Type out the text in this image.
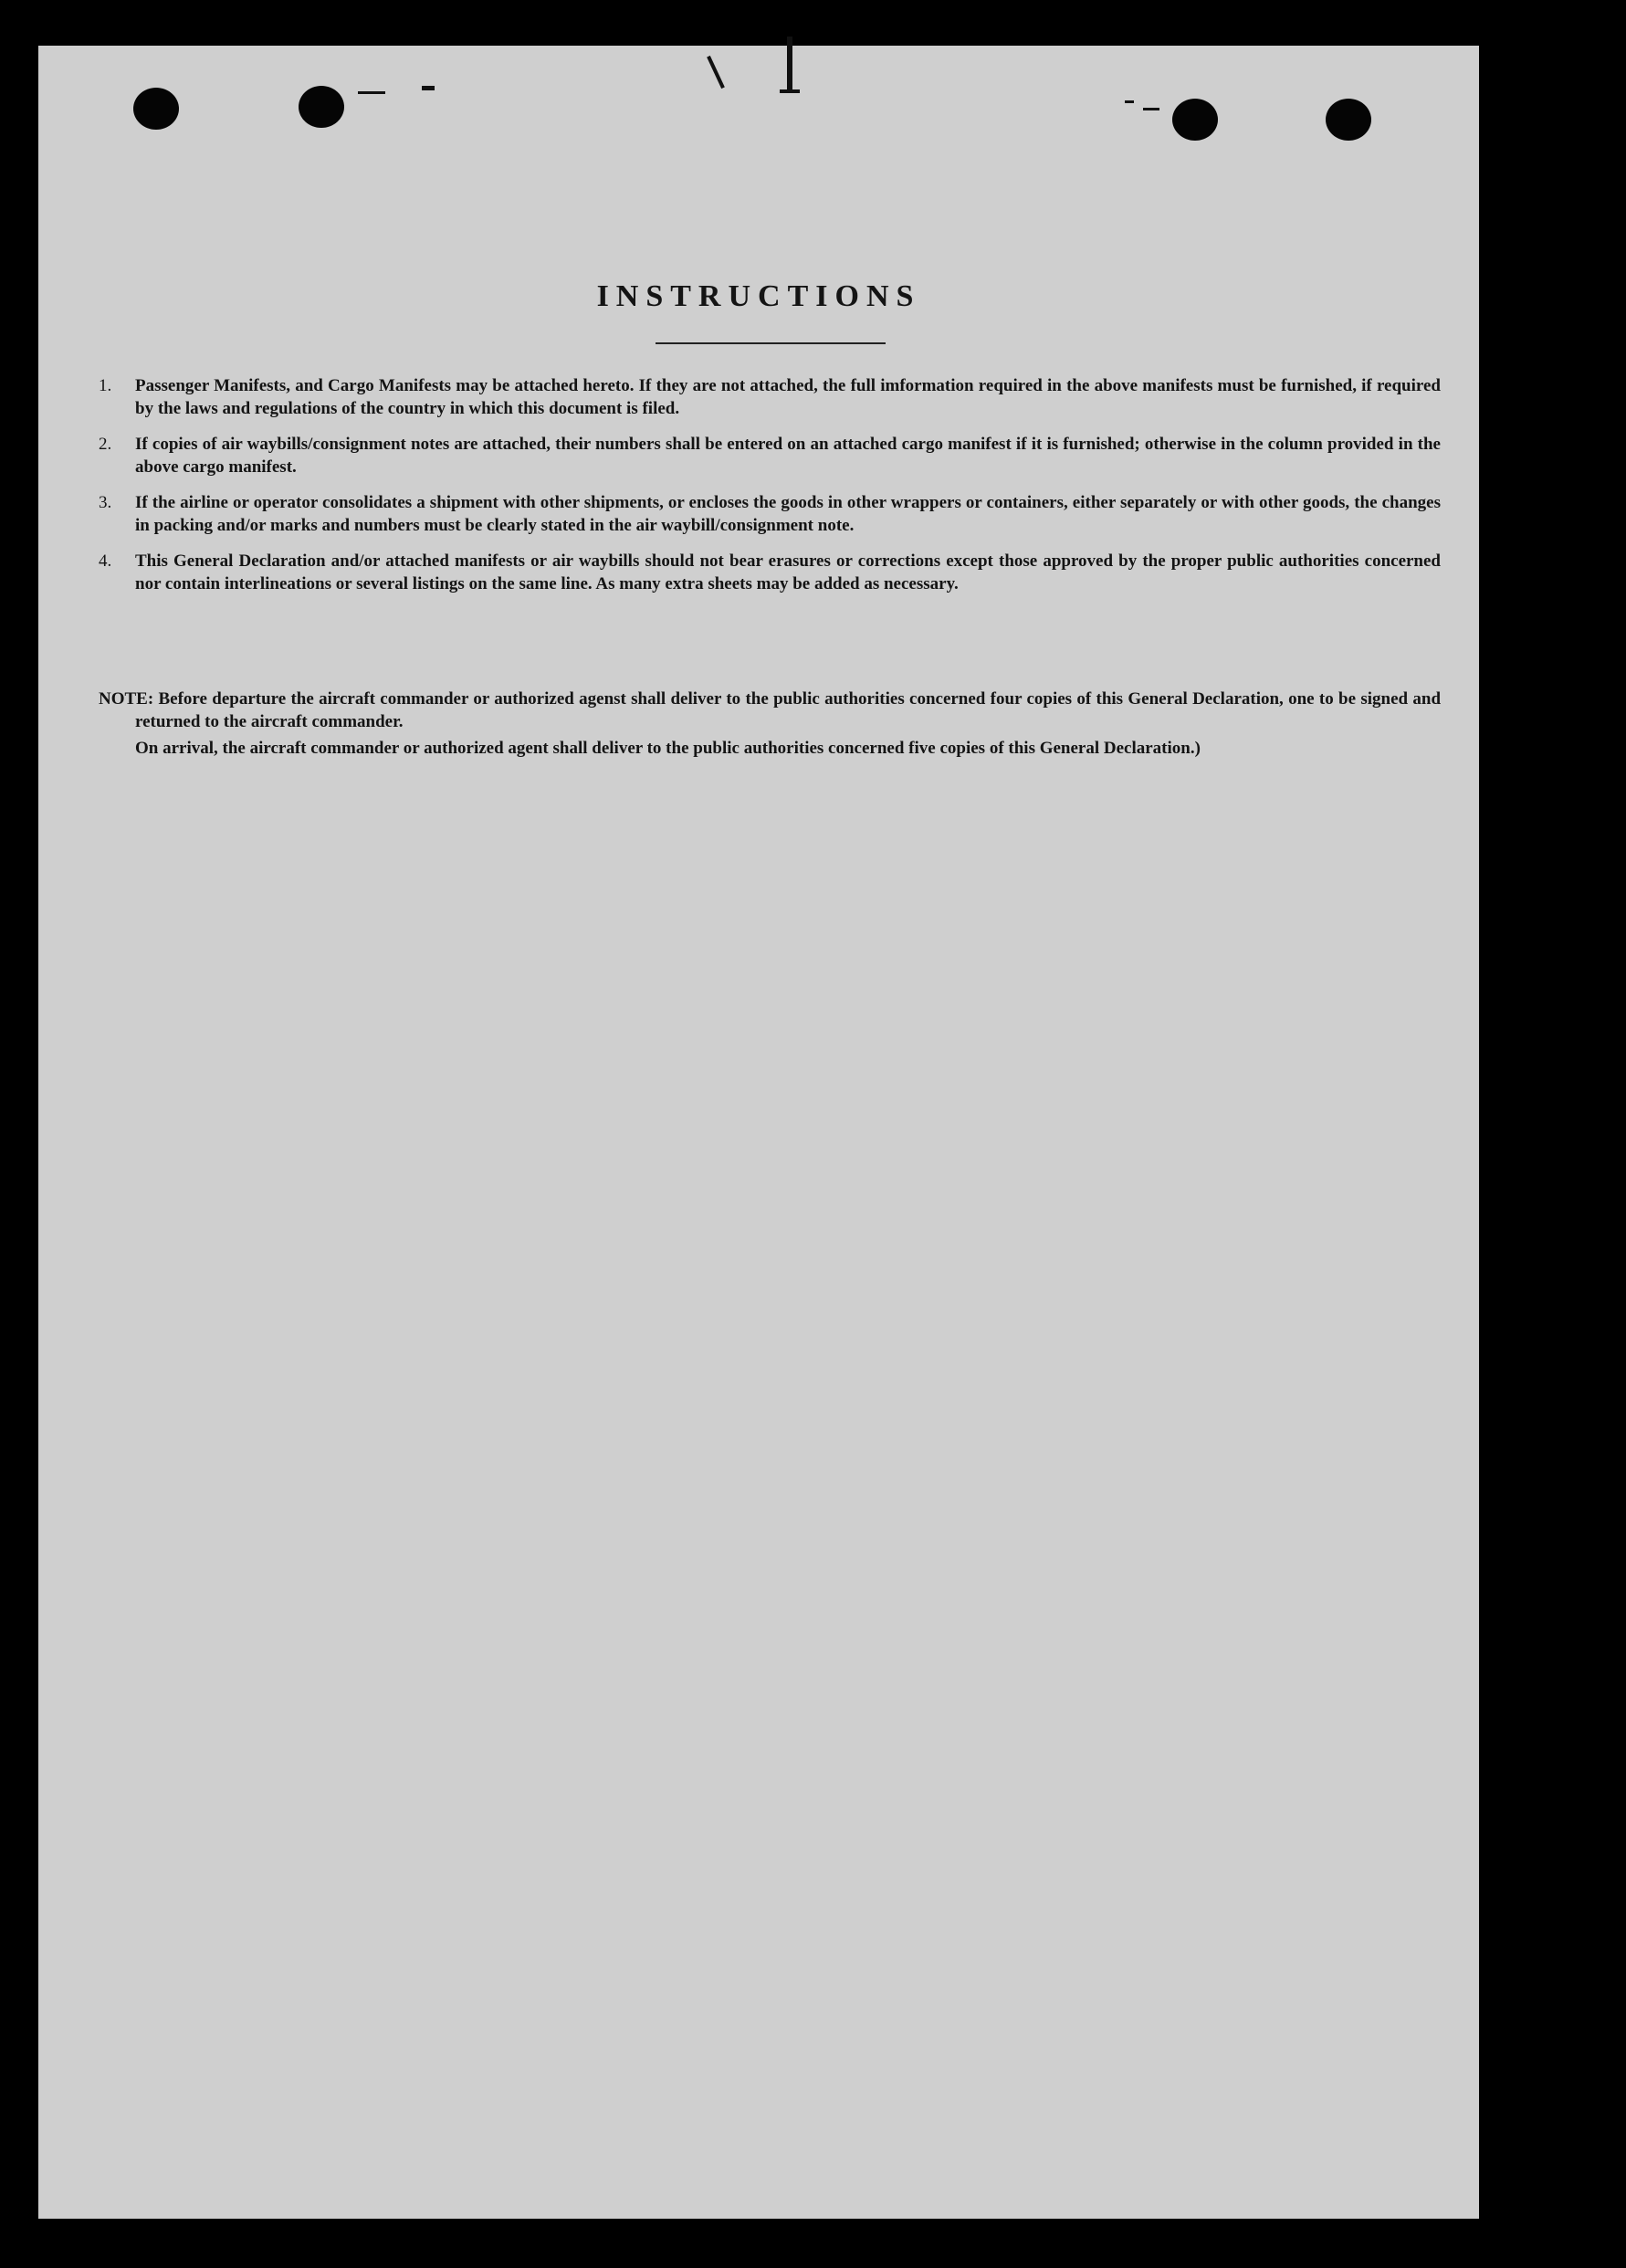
INSTRUCTIONS
1.	Passenger Manifests, and Cargo Manifests may be attached hereto. If they are not attached, the full imformation required in the above manifests must be furnished, if required by the laws and regulations of the country in which this document is filed.
2.	If copies of air waybills/consignment notes are attached, their numbers shall be entered on an attached cargo manifest if it is furnished; otherwise in the column provided in the above cargo manifest.
3.	If the airline or operator consolidates a shipment with other shipments, or encloses the goods in other wrappers or containers, either separately or with other goods, the changes in packing and/or marks and numbers must be clearly stated in the air waybill/consignment note.
4.	This General Declaration and/or attached manifests or air waybills should not bear erasures or corrections except those approved by the proper public authorities concerned nor contain interlineations or several listings on the same line. As many extra sheets may be added as necessary.
NOTE: Before departure the aircraft commander or authorized agenst shall deliver to the public authorities concerned four copies of this General Declaration, one to be signed and returned to the aircraft commander.
On arrival, the aircraft commander or authorized agent shall deliver to the public authorities concerned five copies of this General Declaration.)
